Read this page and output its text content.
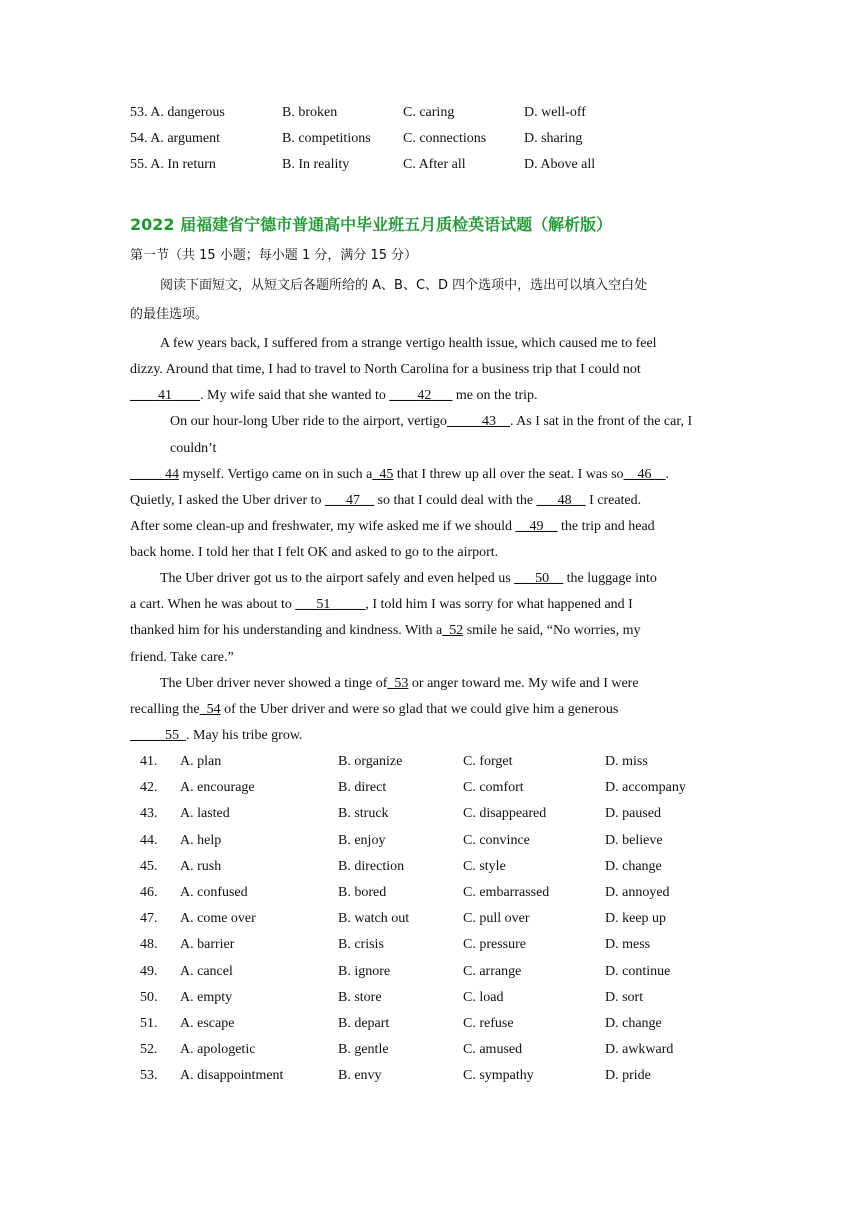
53. A. dangerous	B. broken	C. caring	D. well-off
54. A. argument	B. competitions C. connections	D. sharing
55. A. In return	B. In reality	C. After all	D. Above all
2022 届福建省宁德市普通高中毕业班五月质检英语试题（解析版）
第一节（共 15 小题；每小题 1 分，满分 15 分）
阅读下面短文，从短文后各题所给的 A、B、C、D 四个选项中，选出可以填入空白处
的最佳选项。
A few years back, I suffered from a strange vertigo health issue, which caused me to feel
dizzy. Around that time, I had to travel to North Carolina for a business trip that I could not
____41____. My wife said that she wanted to ____42___ me on the trip.
On our hour-long Uber ride to the airport, vertigo_____43__. As I sat in the front of the car, I
couldn’t
_____44 myself. Vertigo came on in such a_45 that I threw up all over the seat. I was so__46__.
Quietly, I asked the Uber driver to ___47__ so that I could deal with the ___48__ I created.
After some clean-up and freshwater, my wife asked me if we should __49__ the trip and head
back home. I told her that I felt OK and asked to go to the airport.
The Uber driver got us to the airport safely and even helped us ___50__ the luggage into
a cart. When he was about to ___51_____, I told him I was sorry for what happened and I
thanked him for his understanding and kindness. With a_52 smile he said, “No worries, my
friend. Take care.”
The Uber driver never showed a tinge of_53 or anger toward me. My wife and I were
recalling the_54 of the Uber driver and were so glad that we could give him a generous
_____55_. May his tribe grow.
41. A. plan	B. organize	C. forget	D. miss
42. A. encourage	B. direct	C. comfort	D. accompany
43. A. lasted	B. struck	C. disappeared	D. paused
44. A. help	B. enjoy	C. convince	D. believe
45. A. rush	B. direction	C. style	D. change
46. A. confused	B. bored	C. embarrassed	D. annoyed
47. A. come over	B. watch out	C. pull over	D. keep up
48. A. barrier	B. crisis	C. pressure	D. mess
49. A. cancel	B. ignore	C. arrange	D. continue
50. A. empty	B. store	C. load	D. sort
51. A. escape	B. depart	C. refuse	D. change
52. A. apologetic	B. gentle	C. amused	D. awkward
53. A. disappointment	B. envy	C. sympathy	D. pride
